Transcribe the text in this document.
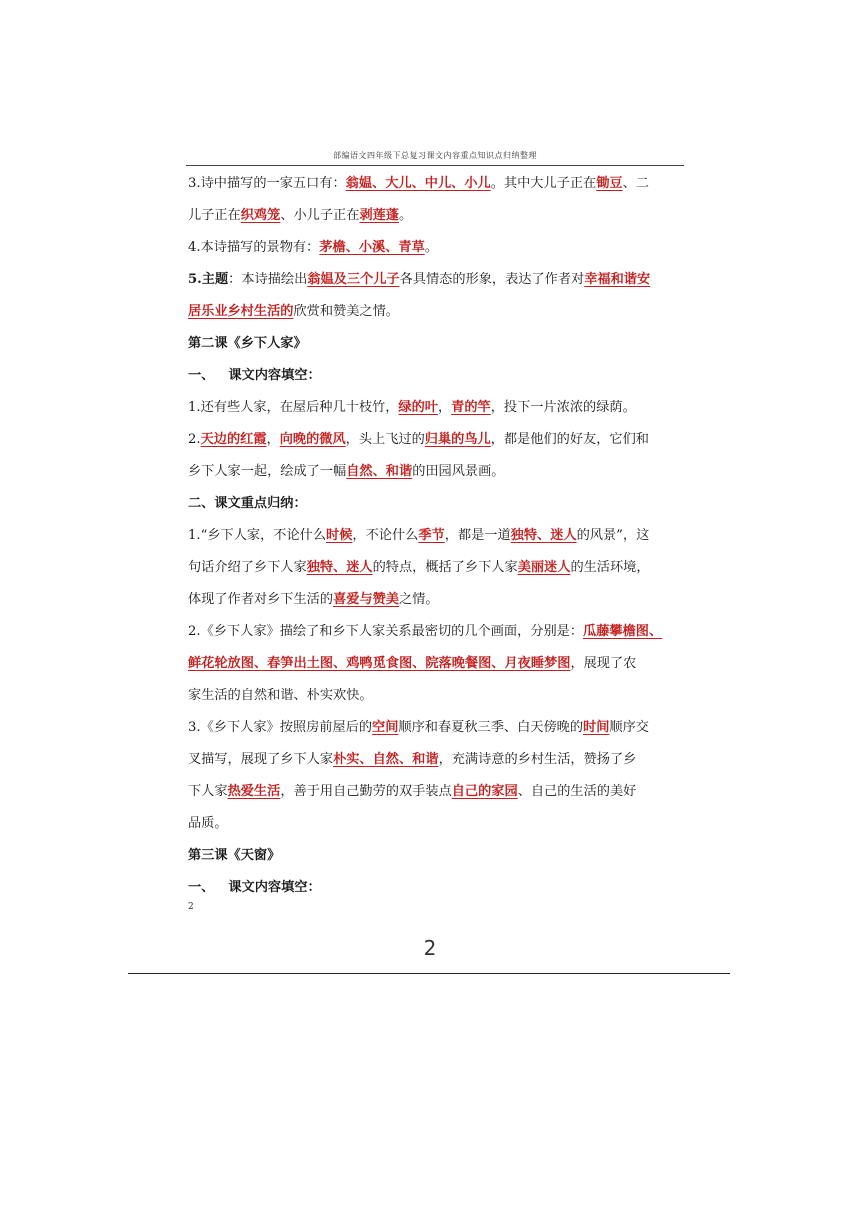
部编语文四年级下总复习课文内容重点知识点归纳整理
3.诗中描写的一家五口有：翁媪、大儿、中儿、小儿。其中大儿子正在锄豆、二
儿子正在织鸡笼、小儿子正在剥莲蓬。
4.本诗描写的景物有：茅檐、小溪、青草。
5.主题：本诗描绘出翁媪及三个儿子各具情态的形象，表达了作者对幸福和谐安
居乐业乡村生活的欣赏和赞美之情。
第二课《乡下人家》
一、 课文内容填空：
1.还有些人家，在屋后种几十枝竹，绿的叶，青的竿，投下一片浓浓的绿荫。
2.天边的红霞，向晚的微风，头上飞过的归巢的鸟儿，都是他们的好友，它们和
乡下人家一起，绘成了一幅自然、和谐的田园风景画。
二、课文重点归纳：
1.“乡下人家，不论什么时候，不论什么季节，都是一道独特、迷人的风景”，这
句话介绍了乡下人家独特、迷人的特点，概括了乡下人家美丽迷人的生活环境，
体现了作者对乡下生活的喜爱与赞美之情。
2.《乡下人家》描绘了和乡下人家关系最密切的几个画面，分别是：瓜藤攀檐图、
鲜花轮放图、春笋出土图、鸡鸭觅食图、院落晚餐图、月夜睡梦图，展现了农
家生活的自然和谐、朴实欢快。
3.《乡下人家》按照房前屋后的空间顺序和春夏秋三季、白天傍晚的时间顺序交
叉描写，展现了乡下人家朴实、自然、和谐，充满诗意的乡村生活，赞扬了乡
下人家热爱生活，善于用自己勤劳的双手装点自己的家园、自己的生活的美好
品质。
第三课《天窗》
一、 课文内容填空：
2
2
